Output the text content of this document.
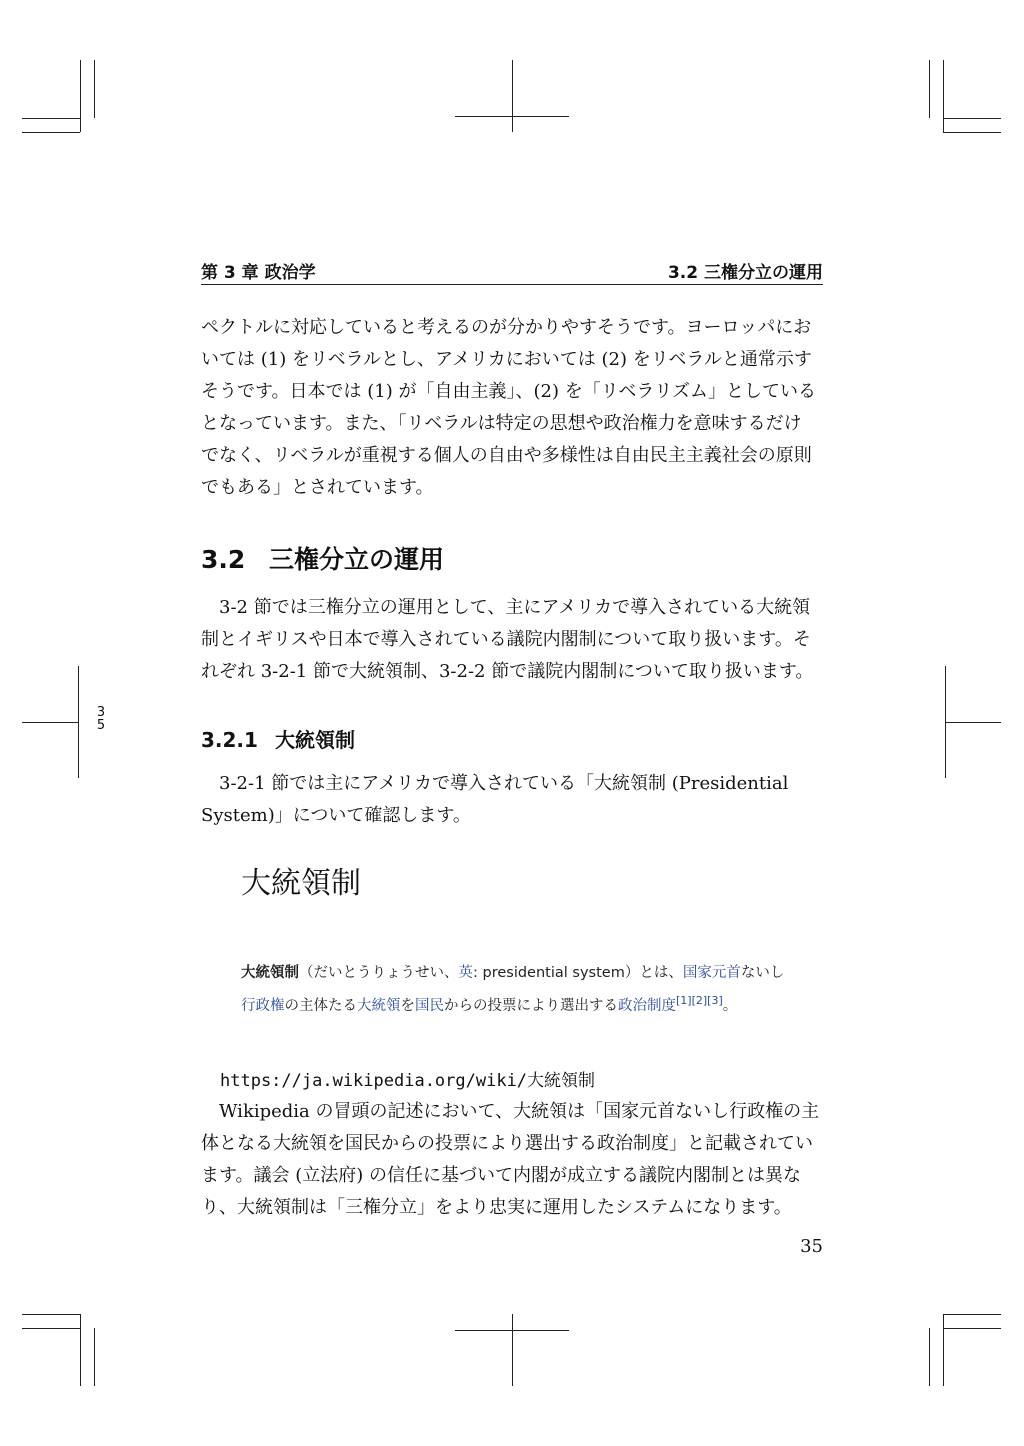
第 3 章 政治学	3.2 三権分立の運用
3
5
ペクトルに対応していると考えるのが分かりやすそうです。ヨーロッパにお
いては (1) をリベラルとし、アメリカにおいては (2) をリベラルと通常示す
そうです。日本では (1) が「自由主義」、(2) を「リベラリズム」としている
となっています。また、「リベラルは特定の思想や政治権力を意味するだけ
でなく、リベラルが重視する個人の自由や多様性は自由民主主義社会の原則
でもある」とされています。
3.2 三権分立の運用
3-2 節では三権分立の運用として、主にアメリカで導入されている大統領
制とイギリスや日本で導入されている議院内閣制について取り扱います。そ
れぞれ 3-2-1 節で大統領制、3-2-2 節で議院内閣制について取り扱います。
3.2.1 大統領制
3-2-1 節では主にアメリカで導入されている「大統領制 (Presidential
System)」について確認します。
大統領制
大統領制（だいとうりょうせい、英: presidential system）とは、国家元首ないし
行政権の主体たる大統領を国民からの投票により選出する政治制度[1][2][3]。
https://ja.wikipedia.org/wiki/大統領制
Wikipedia の冒頭の記述において、大統領は「国家元首ないし行政権の主
体となる大統領を国民からの投票により選出する政治制度」と記載されてい
ます。議会 (立法府) の信任に基づいて内閣が成立する議院内閣制とは異な
り、大統領制は「三権分立」をより忠実に運用したシステムになります。
35
